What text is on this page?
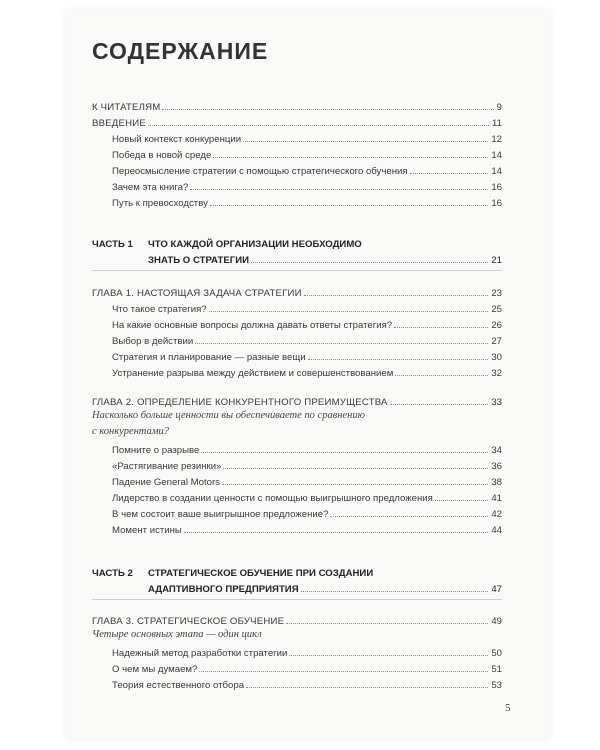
СОДЕРЖАНИЕ
К ЧИТАТЕЛЯМ	9
ВВЕДЕНИЕ	11
Новый контекст конкуренции	12
Победа в новой среде	14
Переосмысление стратегии с помощью стратегического обучения	14
Зачем эта книга?	16
Путь к превосходству	16
ЧАСТЬ 1	ЧТО КАЖДОЙ ОРГАНИЗАЦИИ НЕОБХОДИМО
ЗНАТЬ О СТРАТЕГИИ	21
ГЛАВА 1. НАСТОЯЩАЯ ЗАДАЧА СТРАТЕГИИ	23
Что такое стратегия?	25
На какие основные вопросы должна давать ответы стратегия?	26
Выбор в действии	27
Стратегия и планирование — разные вещи	30
Устранение разрыва между действием и совершенствованием	32
ГЛАВА 2. ОПРЕДЕЛЕНИЕ КОНКУРЕНТНОГО ПРЕИМУЩЕСТВА	33
Насколько больше ценности вы обеспечиваете по сравнению
с конкурентами?
Помните о разрыве	34
«Растягивание резинки»	36
Падение General Motors	38
Лидерство в создании ценности с помощью выигрышного предложения	41
В чем состоит ваше выигрышное предложение?	42
Момент истины	44
ЧАСТЬ 2	СТРАТЕГИЧЕСКОЕ ОБУЧЕНИЕ ПРИ СОЗДАНИИ
АДАПТИВНОГО ПРЕДПРИЯТИЯ	47
ГЛАВА 3. СТРАТЕГИЧЕСКОЕ ОБУЧЕНИЕ	49
Четыре основных этапа — один цикл
Надежный метод разработки стратегии	50
О чем мы думаем?	51
Теория естественного отбора	53
5
